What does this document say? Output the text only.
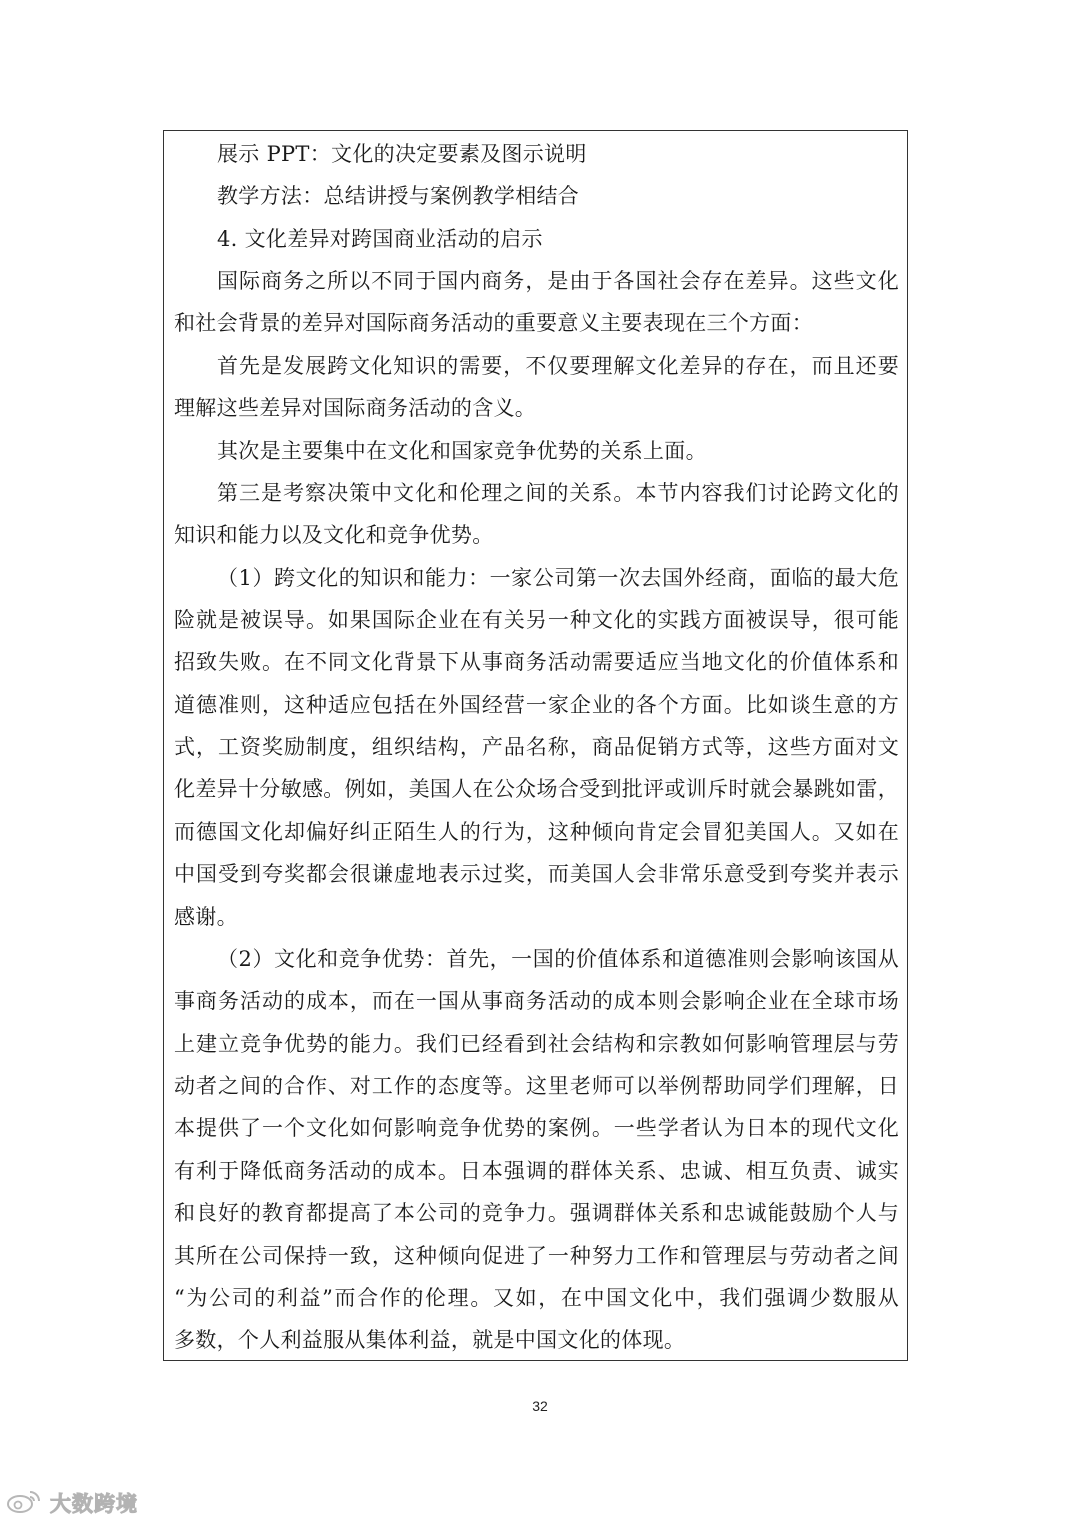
展示 PPT：文化的决定要素及图示说明
教学方法：总结讲授与案例教学相结合
4. 文化差异对跨国商业活动的启示
国际商务之所以不同于国内商务，是由于各国社会存在差异。这些文化
和社会背景的差异对国际商务活动的重要意义主要表现在三个方面：
首先是发展跨文化知识的需要，不仅要理解文化差异的存在，而且还要
理解这些差异对国际商务活动的含义。
其次是主要集中在文化和国家竞争优势的关系上面。
第三是考察决策中文化和伦理之间的关系。本节内容我们讨论跨文化的
知识和能力以及文化和竞争优势。
（1）跨文化的知识和能力：一家公司第一次去国外经商，面临的最大危
险就是被误导。如果国际企业在有关另一种文化的实践方面被误导，很可能
招致失败。在不同文化背景下从事商务活动需要适应当地文化的价值体系和
道德准则，这种适应包括在外国经营一家企业的各个方面。比如谈生意的方
式，工资奖励制度，组织结构，产品名称，商品促销方式等，这些方面对文
化差异十分敏感。例如，美国人在公众场合受到批评或训斥时就会暴跳如雷，
而德国文化却偏好纠正陌生人的行为，这种倾向肯定会冒犯美国人。又如在
中国受到夸奖都会很谦虚地表示过奖，而美国人会非常乐意受到夸奖并表示
感谢。
（2）文化和竞争优势：首先，一国的价值体系和道德准则会影响该国从
事商务活动的成本，而在一国从事商务活动的成本则会影响企业在全球市场
上建立竞争优势的能力。我们已经看到社会结构和宗教如何影响管理层与劳
动者之间的合作、对工作的态度等。这里老师可以举例帮助同学们理解，日
本提供了一个文化如何影响竞争优势的案例。一些学者认为日本的现代文化
有利于降低商务活动的成本。日本强调的群体关系、忠诚、相互负责、诚实
和良好的教育都提高了本公司的竞争力。强调群体关系和忠诚能鼓励个人与
其所在公司保持一致，这种倾向促进了一种努力工作和管理层与劳动者之间
“为公司的利益”而合作的伦理。又如，在中国文化中，我们强调少数服从
多数，个人利益服从集体利益，就是中国文化的体现。
32
大数跨境
